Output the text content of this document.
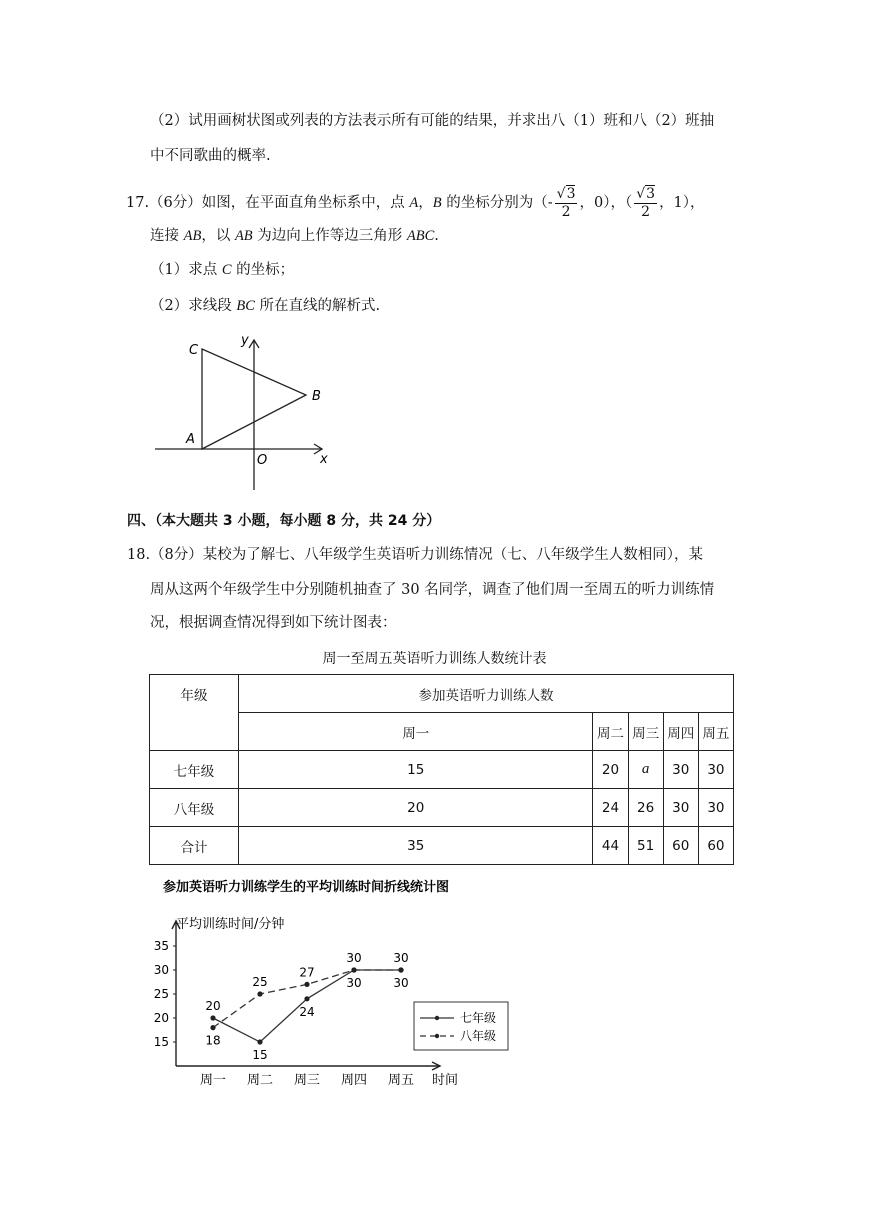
（2）试用画树状图或列表的方法表示所有可能的结果，并求出八（1）班和八（2）班抽
中不同歌曲的概率.
17.（6分）如图，在平面直角坐标系中，点 A，B 的坐标分别为（- $\frac{√3}{2}$ ，0），（ $\frac{√3}{2}$ ，1），
连接 AB，以 AB 为边向上作等边三角形 ABC.
（1）求点 C 的坐标；
（2）求线段 BC 所在直线的解析式.
C
y
B
A
O	x
四、（本大题共 3 小题，每小题 8 分，共 24 分）
18.（8分）某校为了解七、八年级学生英语听力训练情况（七、八年级学生人数相同），某
周从这两个年级学生中分别随机抽查了 30 名同学，调查了他们周一至周五的听力训练情
况，根据调查情况得到如下统计图表：
周一至周五英语听力训练人数统计表
年级	参加英语听力训练人数				
	周一	周二	周三	周四	周五
七年级	15	20	a	30	30
八年级	20	24	26	30	30
合计	35	44	51	60	60
参加英语听力训练学生的平均训练时间折线统计图
平均训练时间/分钟
时间
15
20
25
30
35
周一 周二 周三 周四 周五
20
15
24
30	30
18
25
27
30	30
七年级
八年级
